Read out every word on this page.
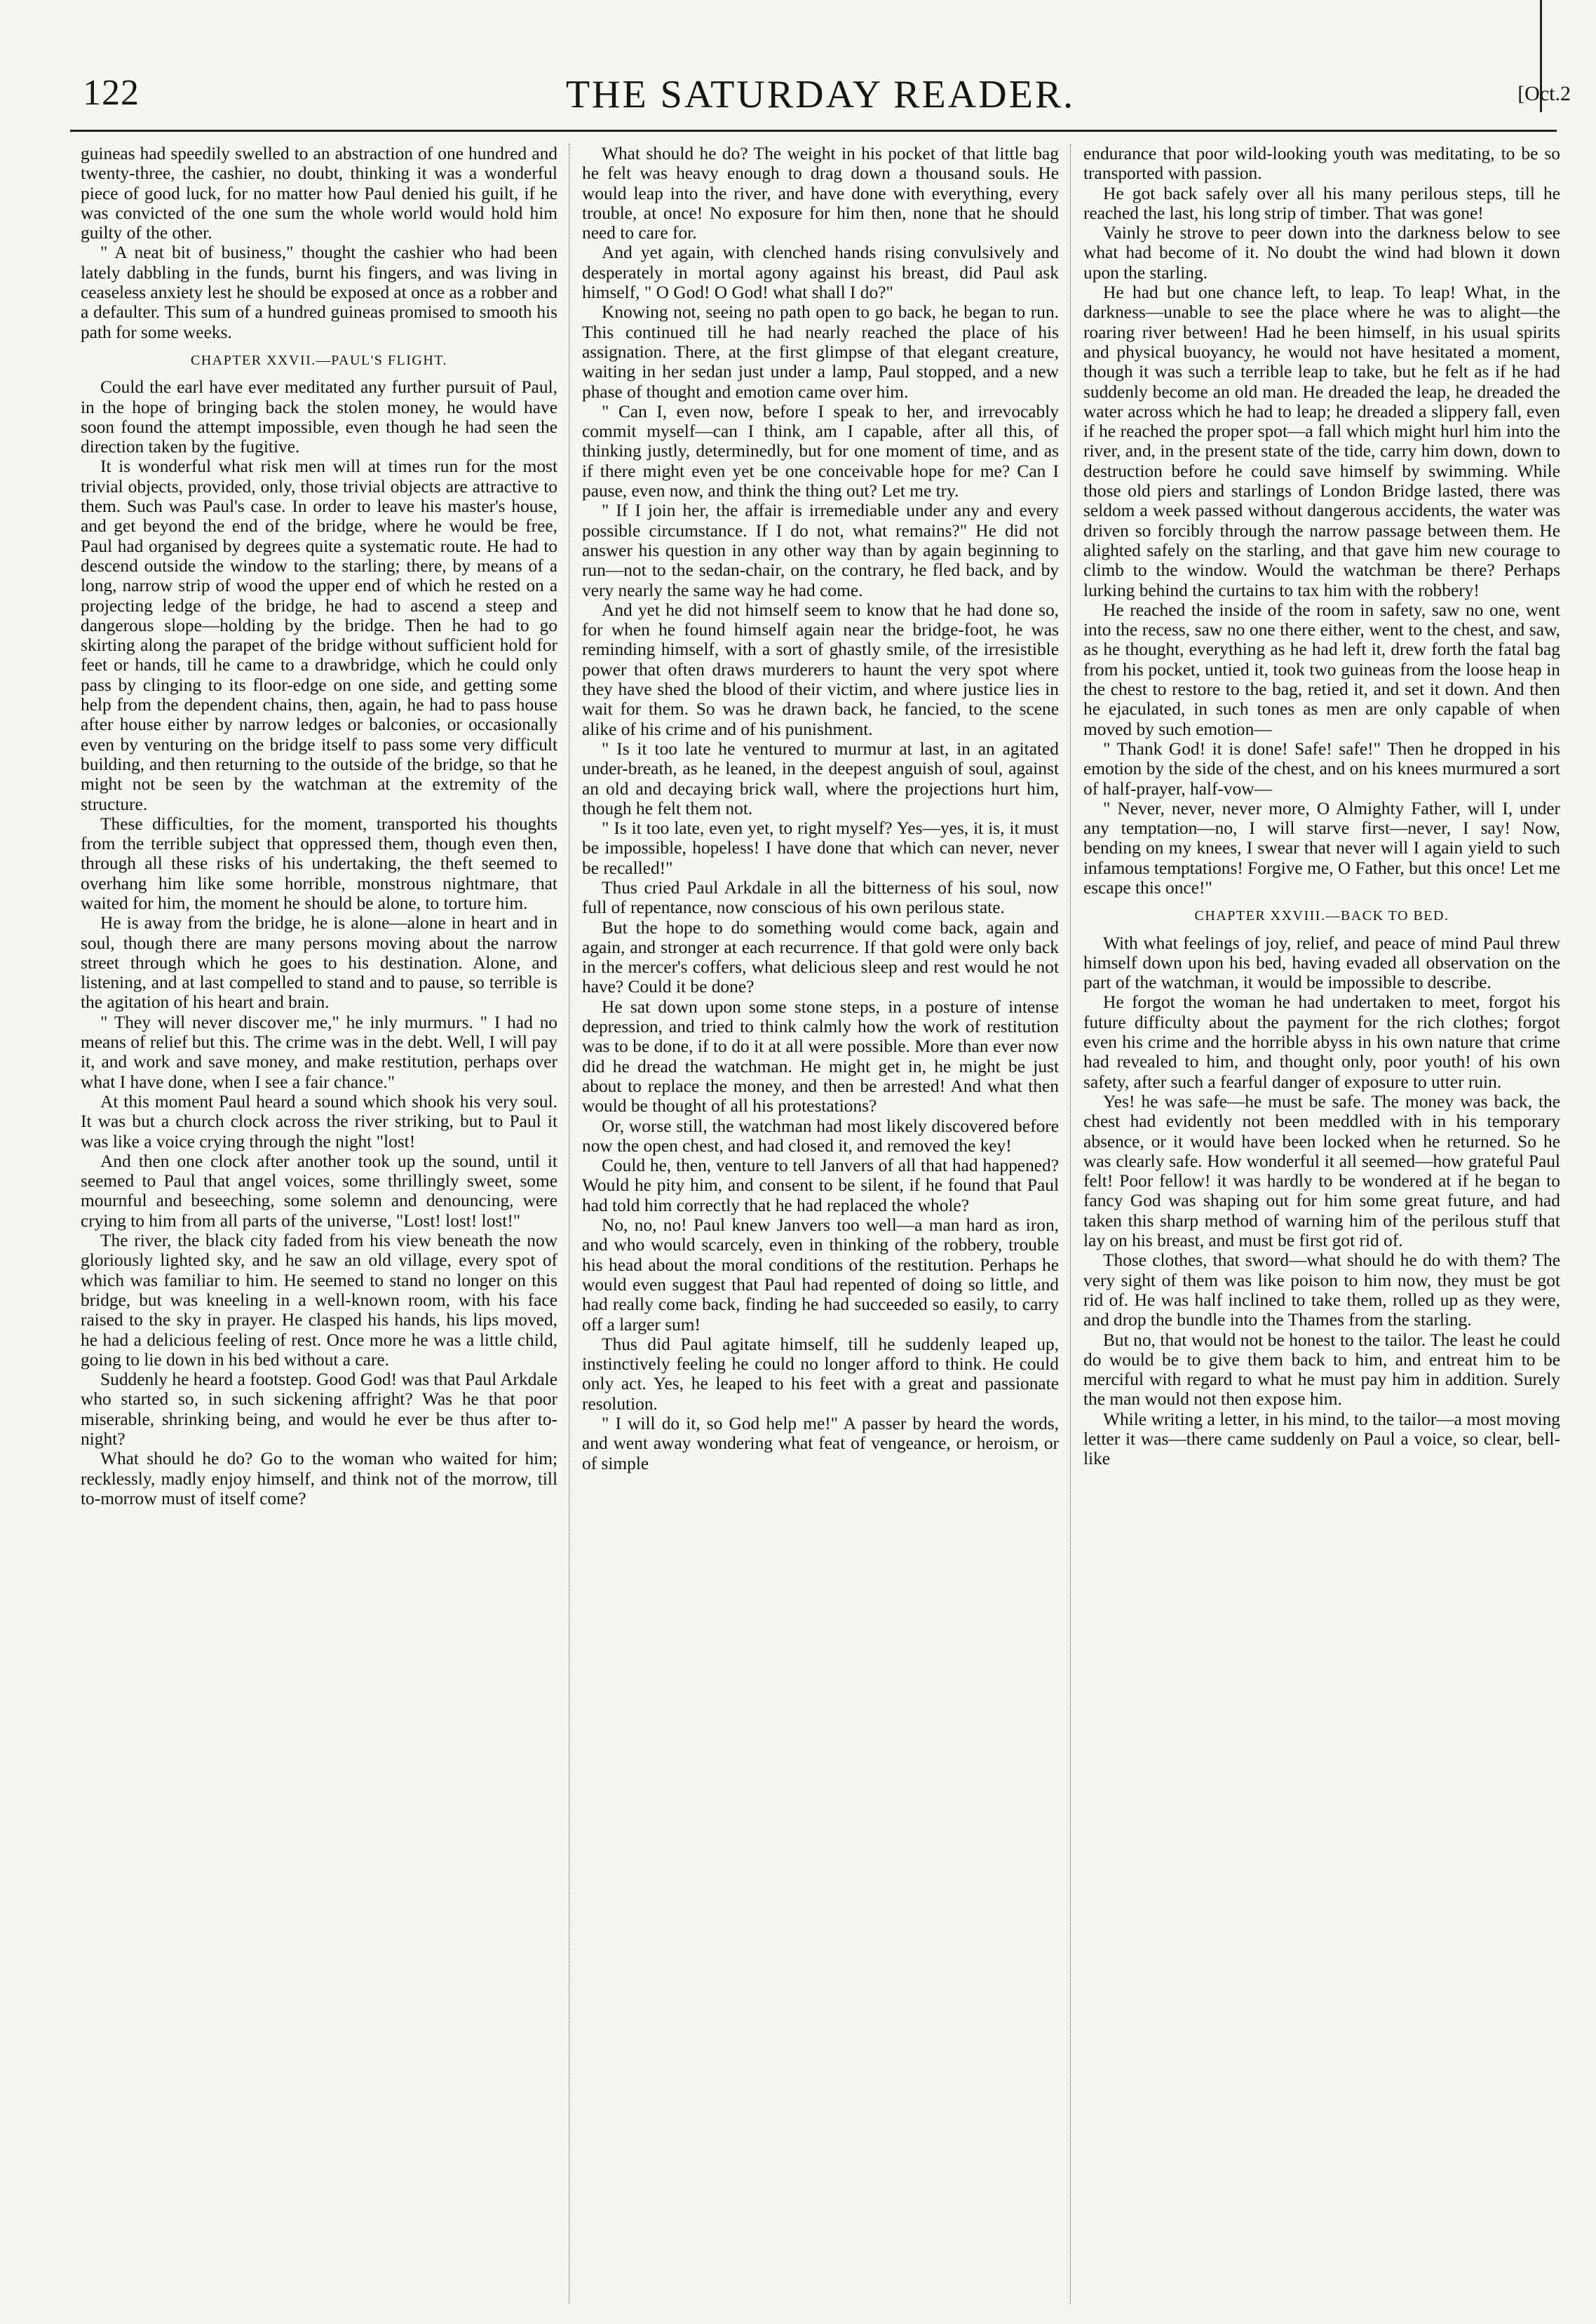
122	THE SATURDAY READER.	[Oct.2

guineas had speedily swelled to an abstraction of one hundred and twenty-three, the cashier, no doubt, thinking it was a wonderful piece of good luck, for no matter how Paul denied his guilt, if he was convicted of the one sum the whole world would hold him guilty of the other.

" A neat bit of business," thought the cashier who had been lately dabbling in the funds, burnt his fingers, and was living in ceaseless anxiety lest he should be exposed at once as a robber and a defaulter. This sum of a hundred guineas promised to smooth his path for some weeks.

CHAPTER XXVII.—PAUL'S FLIGHT.

Could the earl have ever meditated any further pursuit of Paul, in the hope of bringing back the stolen money, he would have soon found the attempt impossible, even though he had seen the direction taken by the fugitive.

It is wonderful what risk men will at times run for the most trivial objects, provided, only, those trivial objects are attractive to them. Such was Paul's case. In order to leave his master's house, and get beyond the end of the bridge, where he would be free, Paul had organised by degrees quite a systematic route. He had to descend outside the window to the starling; there, by means of a long, narrow strip of wood the upper end of which he rested on a projecting ledge of the bridge, he had to ascend a steep and dangerous slope—holding by the bridge. Then he had to go skirting along the parapet of the bridge without sufficient hold for feet or hands, till he came to a drawbridge, which he could only pass by clinging to its floor-edge on one side, and getting some help from the dependent chains, then, again, he had to pass house after house either by narrow ledges or balconies, or occasionally even by venturing on the bridge itself to pass some very difficult building, and then returning to the outside of the bridge, so that he might not be seen by the watchman at the extremity of the structure.

These difficulties, for the moment, transported his thoughts from the terrible subject that oppressed them, though even then, through all these risks of his undertaking, the theft seemed to overhang him like some horrible, monstrous nightmare, that waited for him, the moment he should be alone, to torture him.

He is away from the bridge, he is alone—alone in heart and in soul, though there are many persons moving about the narrow street through which he goes to his destination. Alone, and listening, and at last compelled to stand and to pause, so terrible is the agitation of his heart and brain.

" They will never discover me," he inly murmurs. " I had no means of relief but this. The crime was in the debt. Well, I will pay it, and work and save money, and make restitution, perhaps over what I have done, when I see a fair chance."

At this moment Paul heard a sound which shook his very soul. It was but a church clock across the river striking, but to Paul it was like a voice crying through the night "lost!

And then one clock after another took up the sound, until it seemed to Paul that angel voices, some thrillingly sweet, some mournful and beseeching, some solemn and denouncing, were crying to him from all parts of the universe, "Lost! lost! lost!"

The river, the black city faded from his view beneath the now gloriously lighted sky, and he saw an old village, every spot of which was familiar to him. He seemed to stand no longer on this bridge, but was kneeling in a well-known room, with his face raised to the sky in prayer. He clasped his hands, his lips moved, he had a delicious feeling of rest. Once more he was a little child, going to lie down in his bed without a care.

Suddenly he heard a footstep. Good God! was that Paul Arkdale who started so, in such sickening affright? Was he that poor miserable, shrinking being, and would he ever be thus after to-night?

What should he do? Go to the woman who waited for him; recklessly, madly enjoy himself, and think not of the morrow, till to-morrow must of itself come?

What should he do? The weight in his pocket of that little bag he felt was heavy enough to drag down a thousand souls. He would leap into the river, and have done with everything, every trouble, at once! No exposure for him then, none that he should need to care for.

And yet again, with clenched hands rising convulsively and desperately in mortal agony against his breast, did Paul ask himself, " O God! O God! what shall I do?"

Knowing not, seeing no path open to go back, he began to run. This continued till he had nearly reached the place of his assignation. There, at the first glimpse of that elegant creature, waiting in her sedan just under a lamp, Paul stopped, and a new phase of thought and emotion came over him.

" Can I, even now, before I speak to her, and irrevocably commit myself—can I think, am I capable, after all this, of thinking justly, determinedly, but for one moment of time, and as if there might even yet be one conceivable hope for me? Can I pause, even now, and think the thing out? Let me try.

" If I join her, the affair is irremediable under any and every possible circumstance. If I do not, what remains?" He did not answer his question in any other way than by again beginning to run—not to the sedan-chair, on the contrary, he fled back, and by very nearly the same way he had come.

And yet he did not himself seem to know that he had done so, for when he found himself again near the bridge-foot, he was reminding himself, with a sort of ghastly smile, of the irresistible power that often draws murderers to haunt the very spot where they have shed the blood of their victim, and where justice lies in wait for them. So was he drawn back, he fancied, to the scene alike of his crime and of his punishment.

" Is it too late he ventured to murmur at last, in an agitated under-breath, as he leaned, in the deepest anguish of soul, against an old and decaying brick wall, where the projections hurt him, though he felt them not.

" Is it too late, even yet, to right myself? Yes—yes, it is, it must be impossible, hopeless! I have done that which can never, never be recalled!"

Thus cried Paul Arkdale in all the bitterness of his soul, now full of repentance, now conscious of his own perilous state.

But the hope to do something would come back, again and again, and stronger at each recurrence. If that gold were only back in the mercer's coffers, what delicious sleep and rest would he not have? Could it be done?

He sat down upon some stone steps, in a posture of intense depression, and tried to think calmly how the work of restitution was to be done, if to do it at all were possible. More than ever now did he dread the watchman. He might get in, he might be just about to replace the money, and then be arrested! And what then would be thought of all his protestations?

Or, worse still, the watchman had most likely discovered before now the open chest, and had closed it, and removed the key!

Could he, then, venture to tell Janvers of all that had happened? Would he pity him, and consent to be silent, if he found that Paul had told him correctly that he had replaced the whole?

No, no, no! Paul knew Janvers too well—a man hard as iron, and who would scarcely, even in thinking of the robbery, trouble his head about the moral conditions of the restitution. Perhaps he would even suggest that Paul had repented of doing so little, and had really come back, finding he had succeeded so easily, to carry off a larger sum!

Thus did Paul agitate himself, till he suddenly leaped up, instinctively feeling he could no longer afford to think. He could only act. Yes, he leaped to his feet with a great and passionate resolution.

" I will do it, so God help me!" A passer by heard the words, and went away wondering what feat of vengeance, or heroism, or of simple

endurance that poor wild-looking youth was meditating, to be so transported with passion.

He got back safely over all his many perilous steps, till he reached the last, his long strip of timber. That was gone!

Vainly he strove to peer down into the darkness below to see what had become of it. No doubt the wind had blown it down upon the starling.

He had but one chance left, to leap. To leap! What, in the darkness—unable to see the place where he was to alight—the roaring river between! Had he been himself, in his usual spirits and physical buoyancy, he would not have hesitated a moment, though it was such a terrible leap to take, but he felt as if he had suddenly become an old man. He dreaded the leap, he dreaded the water across which he had to leap; he dreaded a slippery fall, even if he reached the proper spot—a fall which might hurl him into the river, and, in the present state of the tide, carry him down, down to destruction before he could save himself by swimming. While those old piers and starlings of London Bridge lasted, there was seldom a week passed without dangerous accidents, the water was driven so forcibly through the narrow passage between them. He alighted safely on the starling, and that gave him new courage to climb to the window. Would the watchman be there? Perhaps lurking behind the curtains to tax him with the robbery!

He reached the inside of the room in safety, saw no one, went into the recess, saw no one there either, went to the chest, and saw, as he thought, everything as he had left it, drew forth the fatal bag from his pocket, untied it, took two guineas from the loose heap in the chest to restore to the bag, retied it, and set it down. And then he ejaculated, in such tones as men are only capable of when moved by such emotion—

" Thank God! it is done! Safe! safe!" Then he dropped in his emotion by the side of the chest, and on his knees murmured a sort of half-prayer, half-vow—

" Never, never, never more, O Almighty Father, will I, under any temptation—no, I will starve first—never, I say! Now, bending on my knees, I swear that never will I again yield to such infamous temptations! Forgive me, O Father, but this once! Let me escape this once!"

CHAPTER XXVIII.—BACK TO BED.

With what feelings of joy, relief, and peace of mind Paul threw himself down upon his bed, having evaded all observation on the part of the watchman, it would be impossible to describe.

He forgot the woman he had undertaken to meet, forgot his future difficulty about the payment for the rich clothes; forgot even his crime and the horrible abyss in his own nature that crime had revealed to him, and thought only, poor youth! of his own safety, after such a fearful danger of exposure to utter ruin.

Yes! he was safe—he must be safe. The money was back, the chest had evidently not been meddled with in his temporary absence, or it would have been locked when he returned. So he was clearly safe. How wonderful it all seemed—how grateful Paul felt! Poor fellow! it was hardly to be wondered at if he began to fancy God was shaping out for him some great future, and had taken this sharp method of warning him of the perilous stuff that lay on his breast, and must be first got rid of.

Those clothes, that sword—what should he do with them? The very sight of them was like poison to him now, they must be got rid of. He was half inclined to take them, rolled up as they were, and drop the bundle into the Thames from the starling.

But no, that would not be honest to the tailor. The least he could do would be to give them back to him, and entreat him to be merciful with regard to what he must pay him in addition. Surely the man would not then expose him.

While writing a letter, in his mind, to the tailor—a most moving letter it was—there came suddenly on Paul a voice, so clear, bell-like
